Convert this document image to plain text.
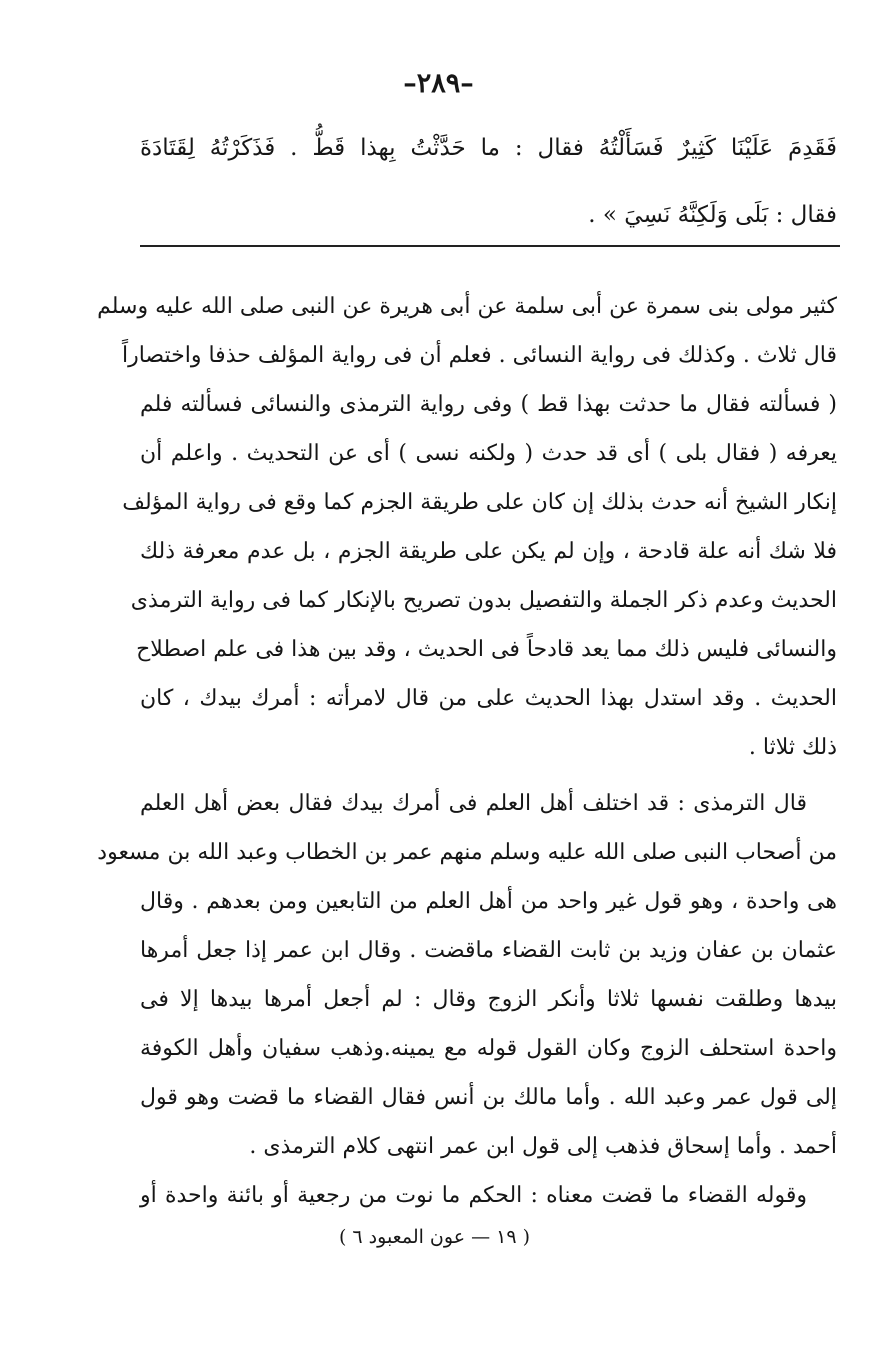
–٢٨٩–
فَقَدِمَ عَلَيْنَا كَثِيرٌ فَسَأَلْتُهُ فقال : ما حَدَّثْتُ بِهذا قَطُّ . فَذَكَرْتُهُ لِقَتَادَةَ
فقال : بَلَى وَلَكِنَّهُ نَسِيَ » .
كثير مولى بنى سمرة عن أبى سلمة عن أبى هريرة عن النبى صلى الله عليه وسلم
قال ثلاث . وكذلك فى رواية النسائى . فعلم أن فى رواية المؤلف حذفا واختصاراً
( فسألته فقال ما حدثت بهذا قط ) وفى رواية الترمذى والنسائى فسألته فلم
يعرفه ( فقال بلى ) أى قد حدث ( ولكنه نسى ) أى عن التحديث . واعلم أن
إنكار الشيخ أنه حدث بذلك إن كان على طريقة الجزم كما وقع فى رواية المؤلف
فلا شك أنه علة قادحة ، وإن لم يكن على طريقة الجزم ، بل عدم معرفة ذلك
الحديث وعدم ذكر الجملة والتفصيل بدون تصريح بالإنكار كما فى رواية الترمذى
والنسائى فليس ذلك مما يعد قادحاً فى الحديث ، وقد بين هذا فى علم اصطلاح
الحديث . وقد استدل بهذا الحديث على من قال لامرأته : أمرك بيدك ، كان
ذلك ثلاثا .
قال الترمذى : قد اختلف أهل العلم فى أمرك بيدك فقال بعض أهل العلم
من أصحاب النبى صلى الله عليه وسلم منهم عمر بن الخطاب وعبد الله بن مسعود
هى واحدة ، وهو قول غير واحد من أهل العلم من التابعين ومن بعدهم . وقال
عثمان بن عفان وزيد بن ثابت القضاء ماقضت . وقال ابن عمر إذا جعل أمرها
بيدها وطلقت نفسها ثلاثا وأنكر الزوج وقال : لم أجعل أمرها بيدها إلا فى
واحدة استحلف الزوج وكان القول قوله مع يمينه.وذهب سفيان وأهل الكوفة
إلى قول عمر وعبد الله . وأما مالك بن أنس فقال القضاء ما قضت وهو قول
أحمد . وأما إسحاق فذهب إلى قول ابن عمر انتهى كلام الترمذى .
وقوله القضاء ما قضت معناه : الحكم ما نوت من رجعية أو بائنة واحدة أو
( ١٩ — عون المعبود ٦ )
